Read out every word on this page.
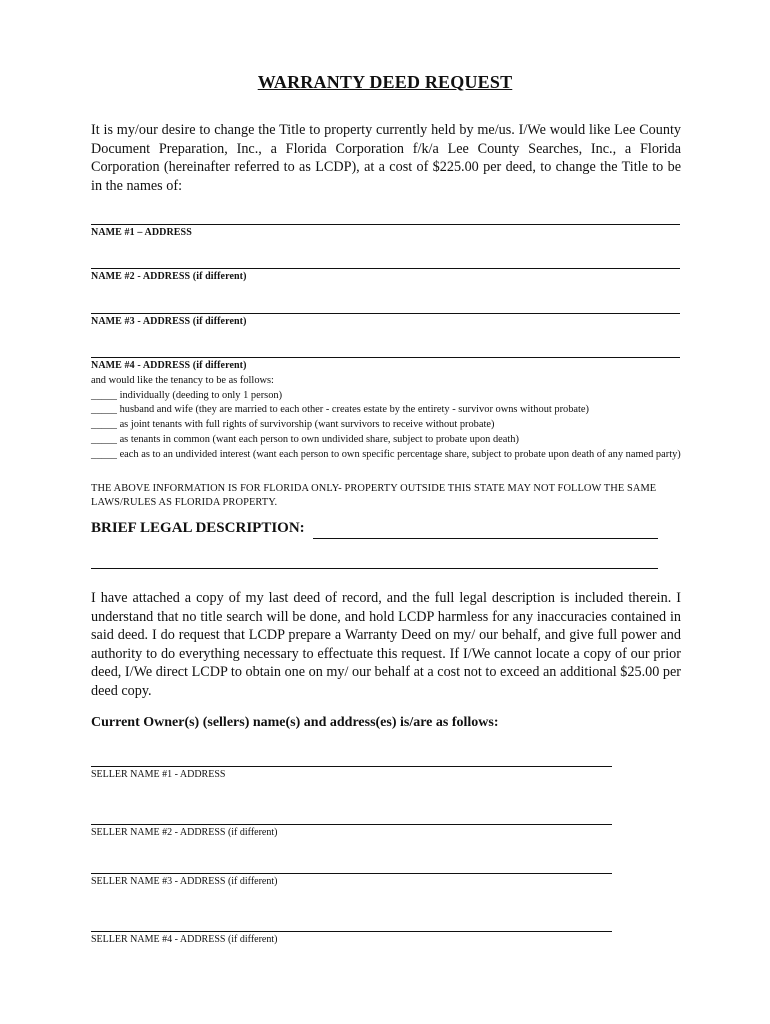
WARRANTY DEED REQUEST
It is my/our desire to change the Title to property currently held by me/us. I/We would like Lee County Document Preparation, Inc., a Florida Corporation f/k/a Lee County Searches, Inc., a Florida Corporation (hereinafter referred to as LCDP), at a cost of $225.00 per deed, to change the Title to be in the names of:
NAME #1 – ADDRESS
NAME #2 - ADDRESS (if different)
NAME #3 - ADDRESS (if different)
NAME #4 - ADDRESS (if different)
and would like the tenancy to be as follows:
_____ individually (deeding to only 1 person)
_____ husband and wife (they are married to each other - creates estate by the entirety - survivor owns without probate)
_____ as joint tenants with full rights of survivorship (want survivors to receive without probate)
_____ as tenants in common (want each person to own undivided share, subject to probate upon death)
_____ each as to an undivided interest (want each person to own specific percentage share, subject to probate upon death of any named party)
THE ABOVE INFORMATION IS FOR FLORIDA ONLY- PROPERTY OUTSIDE THIS STATE MAY NOT FOLLOW THE SAME LAWS/RULES AS FLORIDA PROPERTY.
BRIEF LEGAL DESCRIPTION:
I have attached a copy of my last deed of record, and the full legal description is included therein. I understand that no title search will be done, and hold LCDP harmless for any inaccuracies contained in said deed. I do request that LCDP prepare a Warranty Deed on my/ our behalf, and give full power and authority to do everything necessary to effectuate this request. If I/We cannot locate a copy of our prior deed, I/We direct LCDP to obtain one on my/ our behalf at a cost not to exceed an additional $25.00 per deed copy.
Current Owner(s) (sellers) name(s) and address(es) is/are as follows:
SELLER NAME #1 - ADDRESS
SELLER NAME #2 - ADDRESS (if different)
SELLER NAME #3 - ADDRESS (if different)
SELLER NAME #4 - ADDRESS (if different)
